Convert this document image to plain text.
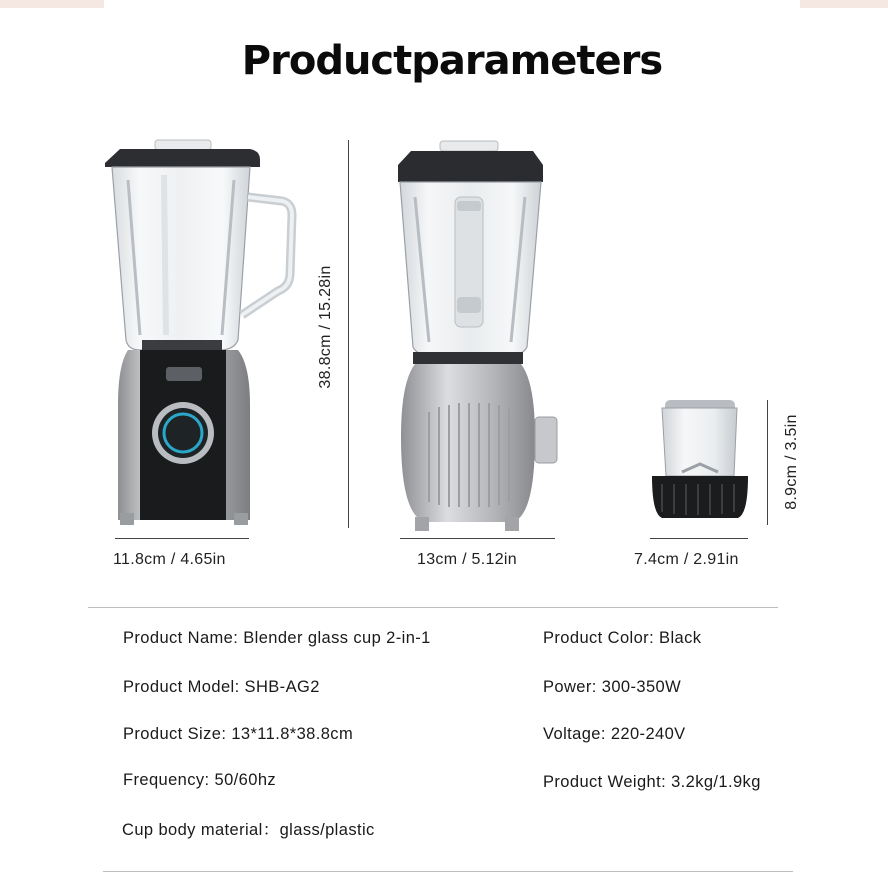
Productparameters
38.8cm / 15.28in
8.9cm / 3.5in
11.8cm / 4.65in	13cm / 5.12in	7.4cm / 2.91in
Product Name: Blender glass cup 2-in-1
Product Model: SHB-AG2
Product Size: 13*11.8*38.8cm
Frequency: 50/60hz
Cup body material：glass/plastic
Product Color: Black
Power: 300-350W
Voltage: 220-240V
Product Weight: 3.2kg/1.9kg
